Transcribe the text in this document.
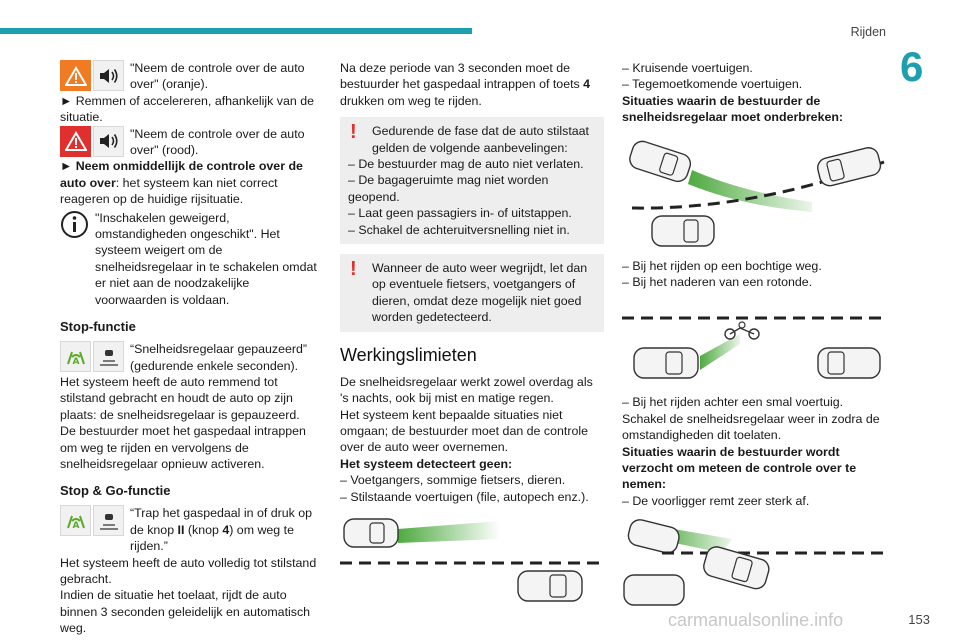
Rijden
6

"Neem de controle over de auto over" (oranje).

► Remmen of accelereren, afhankelijk van de situatie.

"Neem de controle over de auto over" (rood).

► Neem onmiddellijk de controle over de auto over: het systeem kan niet correct reageren op de huidige rijsituatie.

"Inschakelen geweigerd, omstandigheden ongeschikt". Het systeem weigert om de snelheidsregelaar in te schakelen omdat er niet aan de noodzakelijke voorwaarden is voldaan.

Stop-functie
A

“Snelheidsregelaar gepauzeerd” (gedurende enkele seconden).

Het systeem heeft de auto remmend tot stilstand gebracht en houdt de auto op zijn plaats: de snelheidsregelaar is gepauzeerd.

De bestuurder moet het gaspedaal intrappen om weg te rijden en vervolgens de snelheidsregelaar opnieuw activeren.

Stop & Go-functie
A

“Trap het gaspedaal in of druk op de knop II (knop 4) om weg te rijden.”

Het systeem heeft de auto volledig tot stilstand gebracht.

Indien de situatie het toelaat, rijdt de auto binnen 3 seconden geleidelijk en automatisch weg.

Na deze periode van 3 seconden moet de bestuurder het gaspedaal intrappen of toets 4 drukken om weg te rijden.

!	Gedurende de fase dat de auto stilstaat gelden de volgende aanbevelingen:

– De bestuurder mag de auto niet verlaten.

– De bagageruimte mag niet worden geopend.

– Laat geen passagiers in- of uitstappen.

– Schakel de achteruitversnelling niet in.

!	Wanneer de auto weer wegrijdt, let dan op eventuele fietsers, voetgangers of dieren, omdat deze mogelijk niet goed worden gedetecteerd.

Werkingslimieten

De snelheidsregelaar werkt zowel overdag als 's nachts, ook bij mist en matige regen.

Het systeem kent bepaalde situaties niet omgaan; de bestuurder moet dan de controle over de auto weer overnemen.

Het systeem detecteert geen:

– Voetgangers, sommige fietsers, dieren.

– Stilstaande voertuigen (file, autopech enz.).

– Kruisende voertuigen.

– Tegemoetkomende voertuigen.

Situaties waarin de bestuurder de snelheidsregelaar moet onderbreken:

– Bij het rijden op een bochtige weg.

– Bij het naderen van een rotonde.

– Bij het rijden achter een smal voertuig.

Schakel de snelheidsregelaar weer in zodra de omstandigheden dit toelaten.

Situaties waarin de bestuurder wordt verzocht om meteen de controle over te nemen:

– De voorligger remt zeer sterk af.

153
carmanualsonline.info
